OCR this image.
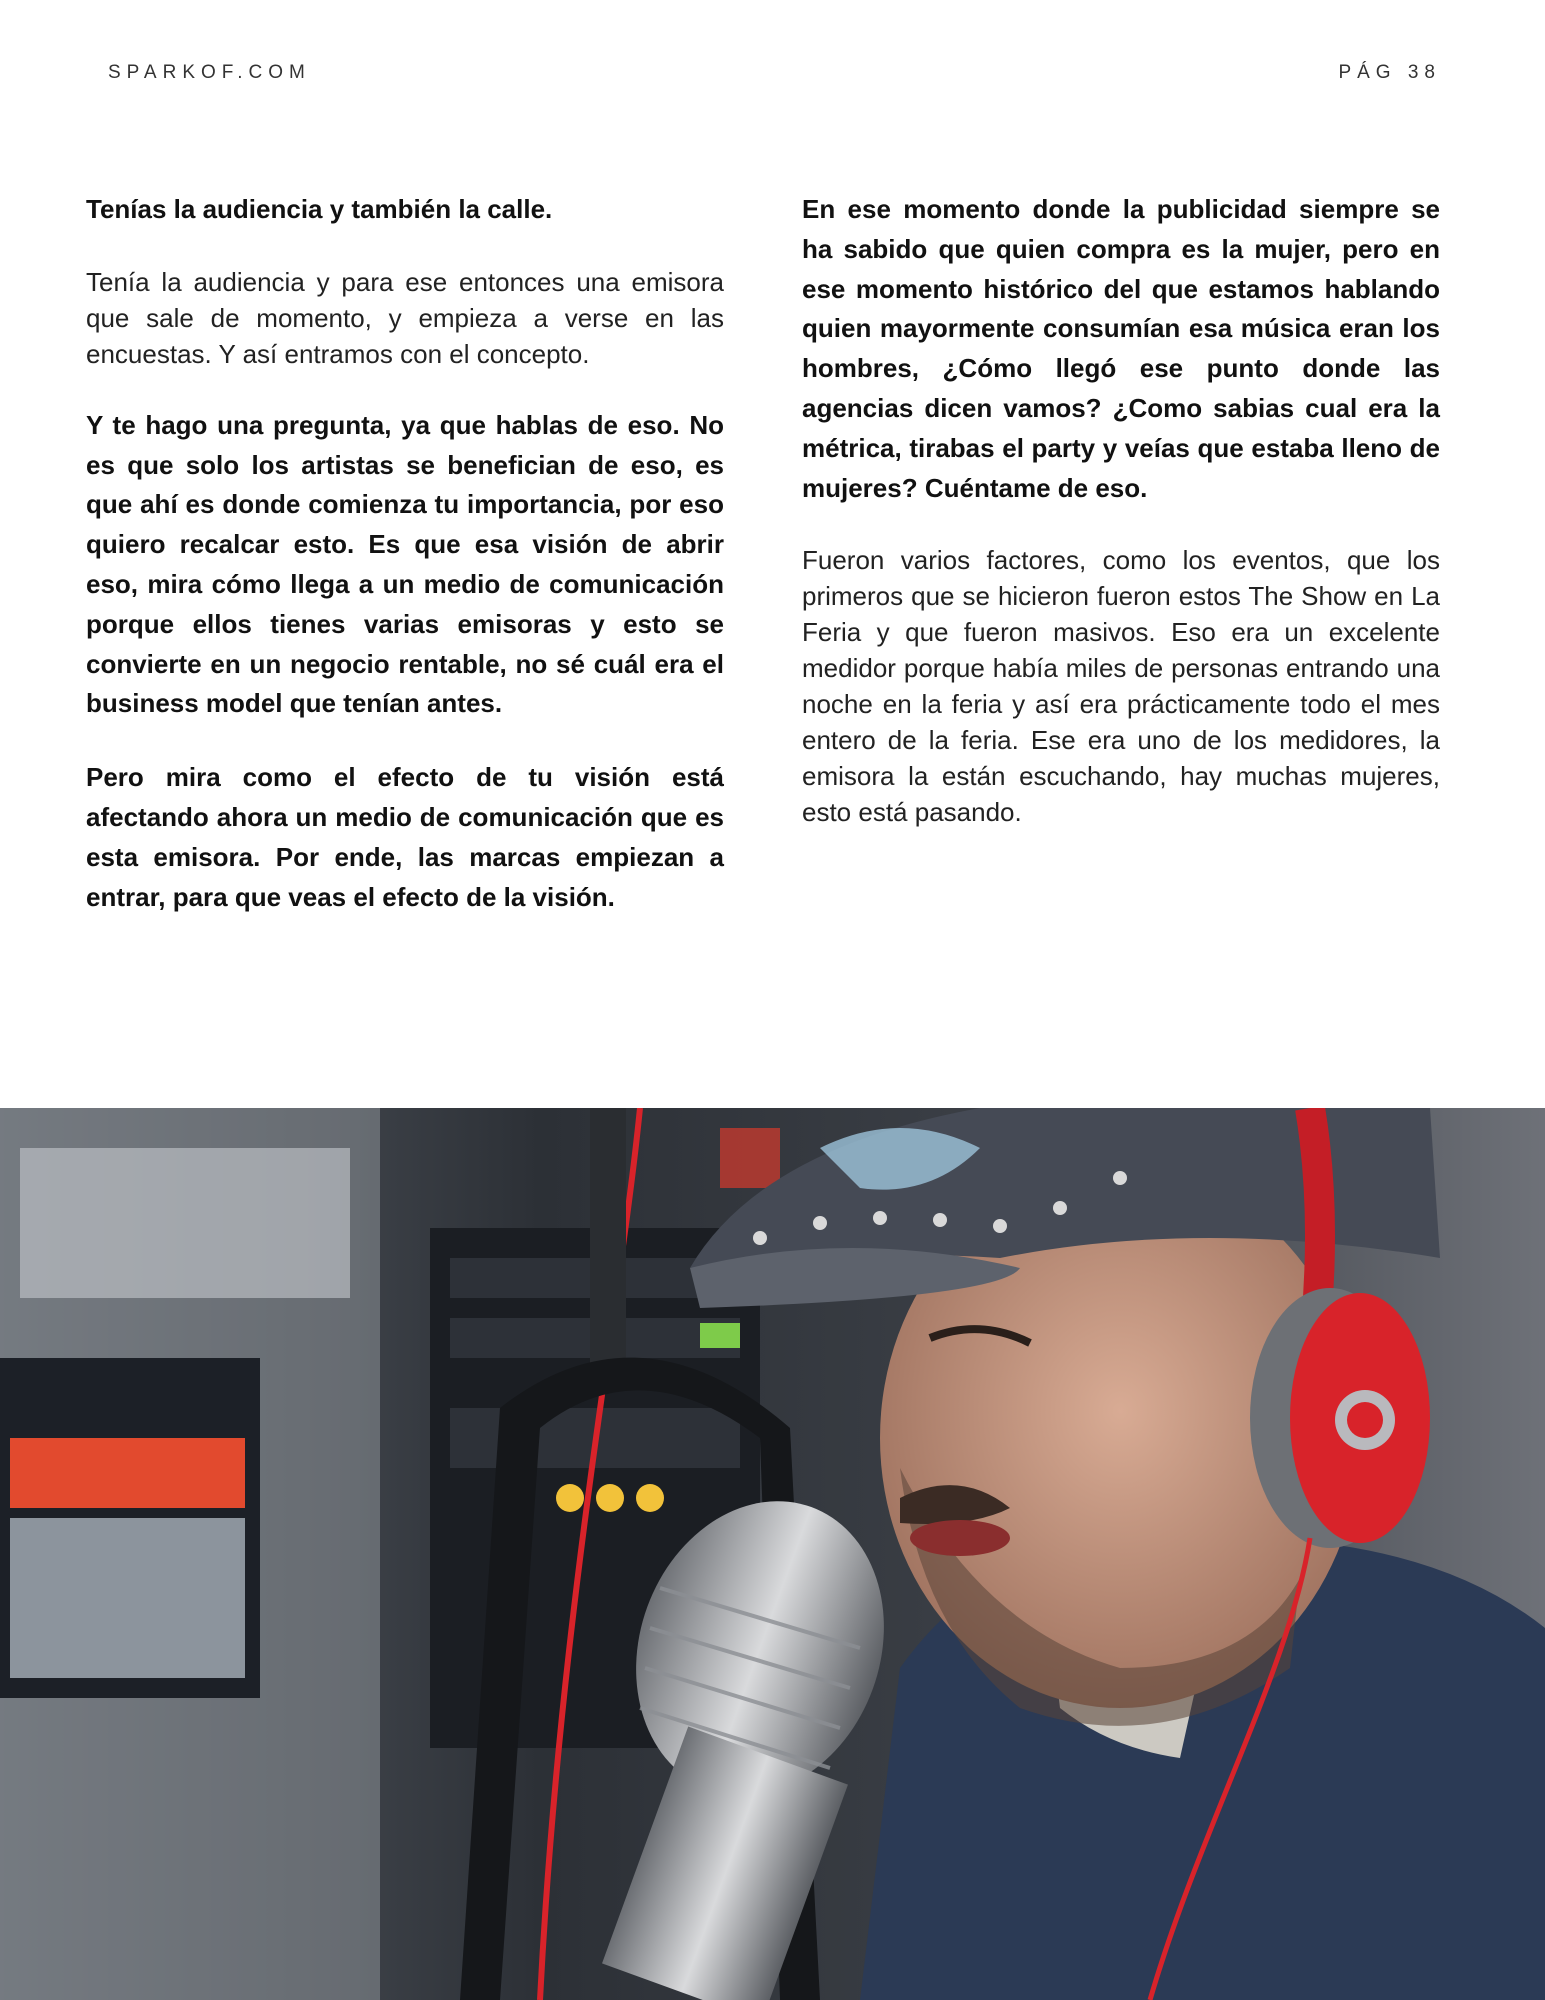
SPARKOF.COM	PÁG 38

Tenías la audiencia y también la calle.

Tenía la audiencia y para ese entonces una emisora que sale de momento, y empieza a verse en las encuestas. Y así entramos con el concepto.

Y te hago una pregunta, ya que hablas de eso. No es que solo los artistas se benefician de eso, es que ahí es donde comienza tu importancia, por eso quiero recalcar esto. Es que esa visión de abrir eso, mira cómo llega a un medio de comunicación porque ellos tienes varias emisoras y esto se convierte en un negocio rentable, no sé cuál era el business model que tenían antes.

Pero mira como el efecto de tu visión está afectando ahora un medio de comunicación que es esta emisora. Por ende, las marcas empiezan a entrar, para que veas el efecto de la visión.

En ese momento donde la publicidad siempre se ha sabido que quien compra es la mujer, pero en ese momento histórico del que estamos hablando quien mayormente consumían esa música eran los hombres, ¿Cómo llegó ese punto donde las agencias dicen vamos? ¿Como sabias cual era la métrica, tirabas el party y veías que estaba lleno de mujeres? Cuéntame de eso.

Fueron varios factores, como los eventos, que los primeros que se hicieron fueron estos The Show en La Feria y que fueron masivos. Eso era un excelente medidor porque había miles de personas entrando una noche en la feria y así era prácticamente todo el mes entero de la feria. Ese era uno de los medidores, la emisora la están escuchando, hay muchas mujeres, esto está pasando.
